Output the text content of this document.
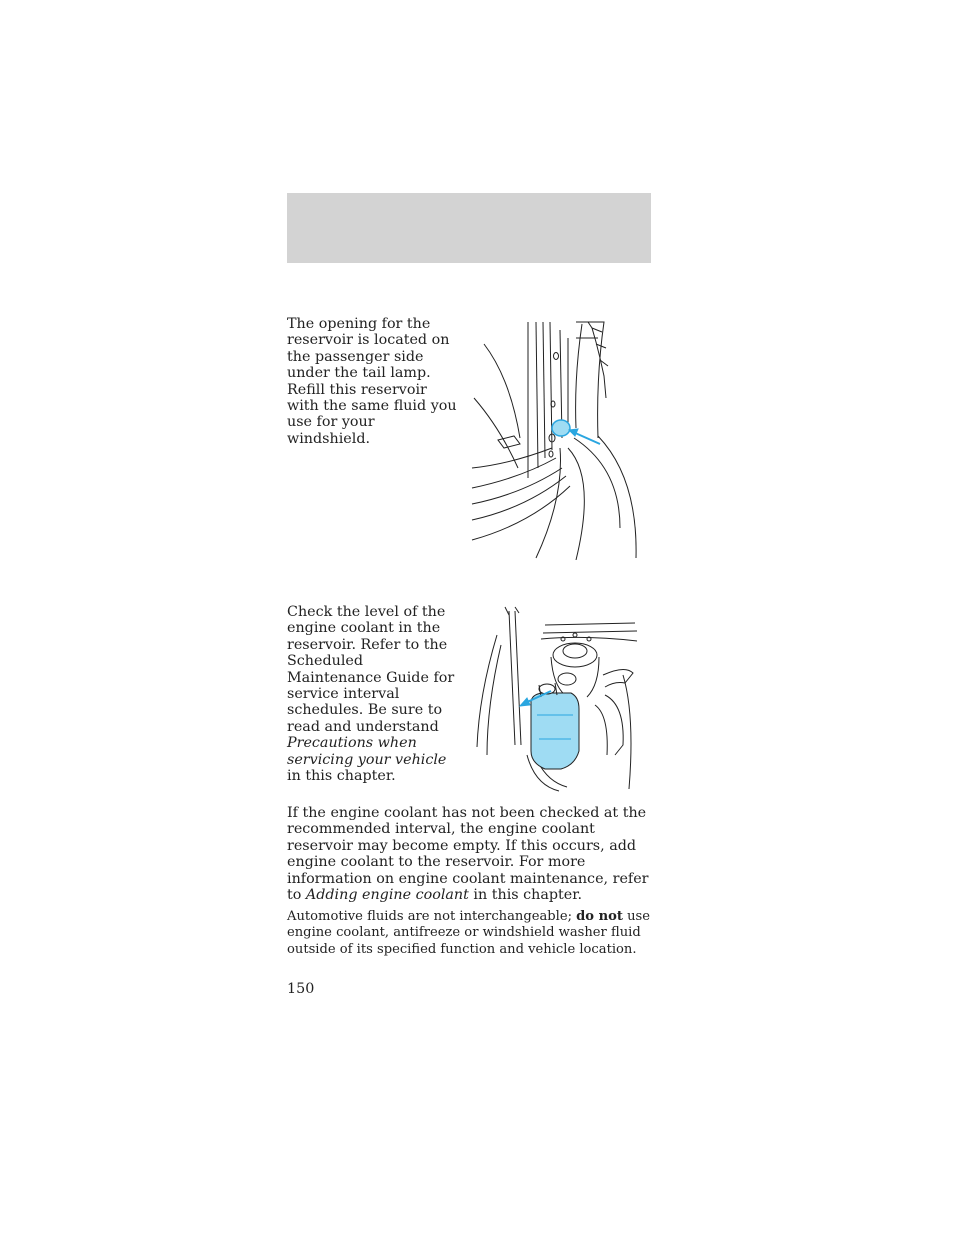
The opening for the reservoir is located on the passenger side under the tail lamp. Refill this reservoir with the same fluid you use for your windshield.

Check the level of the engine coolant in the reservoir. Refer to the Scheduled Maintenance Guide for service interval schedules. Be sure to read and understand Precautions when servicing your vehicle in this chapter.

If the engine coolant has not been checked at the recommended interval, the engine coolant reservoir may become empty. If this occurs, add engine coolant to the reservoir. For more information on engine coolant maintenance, refer to Adding engine coolant in this chapter.

Automotive fluids are not interchangeable; do not use engine coolant, antifreeze or windshield washer fluid outside of its specified function and vehicle location.

150
